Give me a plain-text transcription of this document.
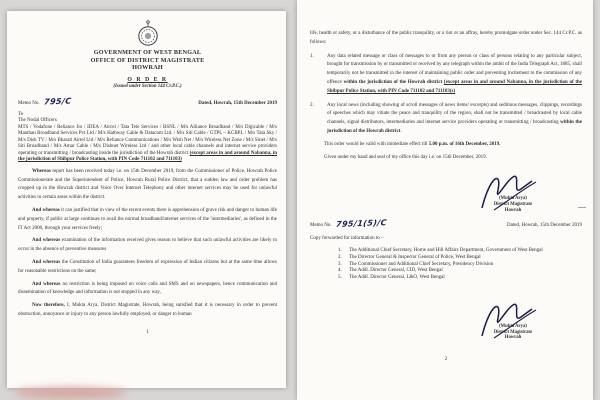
GOVERNMENT OF WEST BENGAL
OFFICE OF DISTRICT MAGISTRATE
HOWRAH
O R D E R
(Issued under Section 144 Cr.P.C.)
Memo No. 795/C	Dated, Howrah, 15th December 2019
To
The Nodal Officers
MTS / Vodafone / Reliance Jio / IDEA / Aircel / Tata Tele Services / BSNL / M/s Alliance Broadband / M/s Digicable / M/s Manthan Broadband Services Pvt Ltd / M/s Hathway Cable & Datacom Ltd. / M/s Siti Cable / GTPL – KCBPL / M/s Tata Sky / M/s Dish TV / M/s Bharati Airtel Ltd / M/s Reliance Communications / M/s Wish Net / M/s Wireless Net Zone / M/s Sinet / M/s Siti Broadband / M/s Amar Cable / M/s Dishnet Wireless Ltd / and other local cable channels and internet service providers operating or transmitting / broadcasting inside the jurisdiction of the Howrah district (except areas in and around Nabanna, in the jurisdiction of Shibpur Police Station, with PIN Code 711102 and 711103)

Whereas report has been received today i.e. on 15th December 2019, from the Commissioner of Police, Howrah Police Commissionerate and the Superintendent of Police, Howrah Rural Police District, that a sudden law and order problem has cropped up in the Howrah district and Voice Over Internet Telephony and other internet services may be used for unlawful activities in certain areas within the district.

And whereas it can justified that in view of the recent events there is apprehension of grave risk and danger to human life and property, if public at large continues to avail the normal broadband/internet services of the 'intermediaries', as defined in the IT Act 2000, through your services freely;

And whereas examination of the information received gives reason to believe that such unlawful activities are likely to occur in the absence of preventive measures

And whereas the Constitution of India guarantees freedom of expression of Indian citizens but at the same time allows for reasonable restrictions on the same;

And whereas no restriction is being imposed on voice calls and SMS and on newspapers, hence communication and dissemination of knowledge and information is not stopped in any way,

Now therefore, I, Mukta Arya, District Magistrate, Howrah, being satisfied that it is necessary in order to prevent obstruction, annoyance or injury to any person lawfully employed, or danger to human

1

life, health or safety, or a disturbance of the public tranquility, or a riot or an affray, hereby promulgate order under Sec. 144 Cr.P.C. as follows:

1.	Any data related message or class of messages to or from any person or class of persons relating to any particular subject, brought for transmission by or transmitted or received by any telegraph within the ambit of the India Telegraph Act, 1885, shall temporarily not be transmitted in the interest of maintaining public order and preventing incitement to the commission of any offence within the jurisdiction of the Howrah district (except areas in and around Nabanna, in the jurisdiction of the Shibpur Police Station, with PIN Code 711102 and 711103(s)

2.	Any local news (including showing of scroll messages of news items/ excerpts) and seditious messages, clippings, recordings of speeches which may vitiate the peace and tranquility of the region, shall not be transmitted / broadcasted by local cable channels, signal distributors, intermediaries and internet service providers operating or transmitting / broadcasting within the jurisdiction of the Howrah district.

This order would be valid with immediate effect till 5.00 p.m. of 16th December, 2019.

Given under my hand and seal of my office this day i.e. on 15th December, 2019.

—
(Mukta Arya)
District Magistrate
Howrah
Memo No. 795/1(5)/C	Dated, Howrah, 15th December 2019

Copy forwarded for information to –

1.	The Additional Chief Secretary, Home and Hill Affairs Department, Government of West Bengal
2.	The Director General & Inspector General of Police, West Bengal
3.	The Commissioner and Additional Chief Secretary, Presidency Division
4.	The Addl. Director General, CID, West Bengal
5.	The Addl. Director General, L&O, West Bengal
(Mukta Arya)
District Magistrate
Howrah
2
